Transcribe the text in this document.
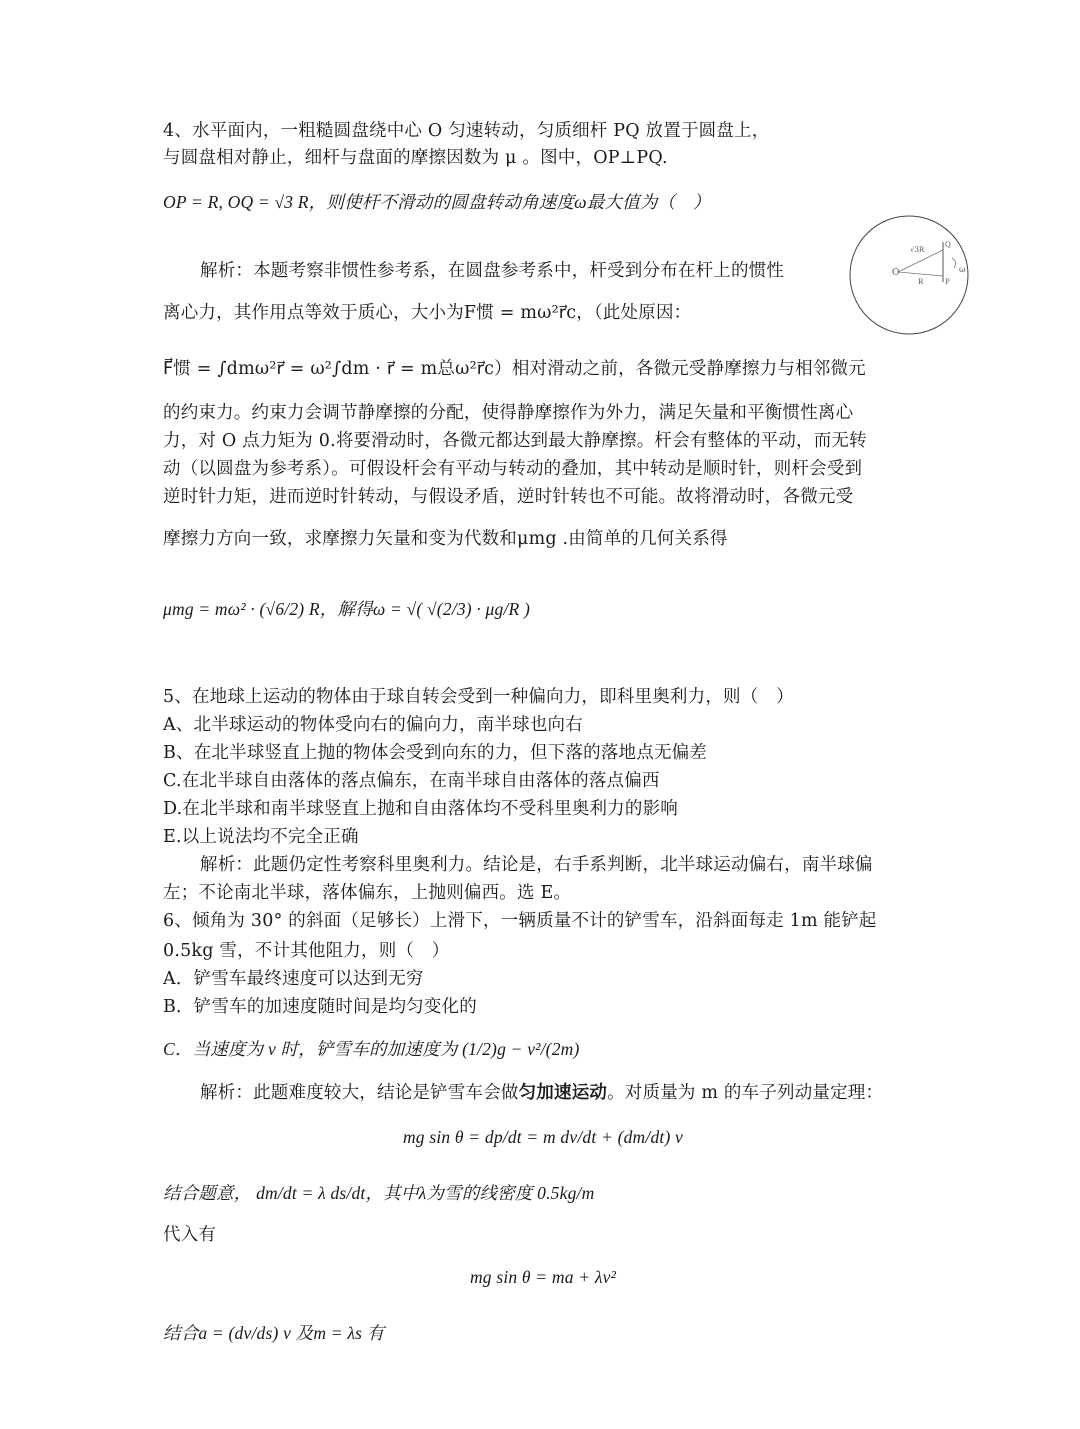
4、水平面内，一粗糙圆盘绕中心 O 匀速转动，匀质细杆 PQ 放置于圆盘上，
与圆盘相对静止，细杆与盘面的摩擦因数为 μ 。图中，OP⊥PQ.
OP = R, OQ = √3 R，则使杆不滑动的圆盘转动角速度ω最大值为（　）
解析：本题考察非惯性参考系，在圆盘参考系中，杆受到分布在杆上的惯性
离心力，其作用点等效于质心，大小为F惯 = mω²r⃗c，（此处原因：
F⃗惯 = ∫dmω²r⃗ = ω²∫dm · r⃗ = m总ω²r⃗c）相对滑动之前，各微元受静摩擦力与相邻微元
的约束力。约束力会调节静摩擦的分配，使得静摩擦作为外力，满足矢量和平衡惯性离心
力，对 O 点力矩为 0.将要滑动时，各微元都达到最大静摩擦。杆会有整体的平动，而无转
动（以圆盘为参考系）。可假设杆会有平动与转动的叠加，其中转动是顺时针，则杆会受到
逆时针力矩，进而逆时针转动，与假设矛盾，逆时针转也不可能。故将滑动时，各微元受
摩擦力方向一致，求摩擦力矢量和变为代数和μmg .由简单的几何关系得
μmg = mω² · (√6/2) R，解得ω = √( √(2/3) · μg/R )
O
√3R
Q
R	P
ω
5、在地球上运动的物体由于球自转会受到一种偏向力，即科里奥利力，则（　）
A、北半球运动的物体受向右的偏向力，南半球也向右
B、在北半球竖直上抛的物体会受到向东的力，但下落的落地点无偏差
C.在北半球自由落体的落点偏东，在南半球自由落体的落点偏西
D.在北半球和南半球竖直上抛和自由落体均不受科里奥利力的影响
E.以上说法均不完全正确
解析：此题仍定性考察科里奥利力。结论是，右手系判断，北半球运动偏右，南半球偏
左；不论南北半球，落体偏东，上抛则偏西。选 E。
6、倾角为 30° 的斜面（足够长）上滑下，一辆质量不计的铲雪车，沿斜面每走 1m 能铲起
0.5kg 雪，不计其他阻力，则（　）
A．铲雪车最终速度可以达到无穷
B．铲雪车的加速度随时间是均匀变化的
C．当速度为 v 时，铲雪车的加速度为 (1/2)g − v²/(2m)
解析：此题难度较大，结论是铲雪车会做匀加速运动。对质量为 m 的车子列动量定理：
mg sin θ = dp/dt = m dv/dt + (dm/dt) v
结合题意， dm/dt = λ ds/dt，其中λ为雪的线密度 0.5kg/m
代入有
mg sin θ = ma + λv²
结合a = (dv/ds) v 及m = λs 有
